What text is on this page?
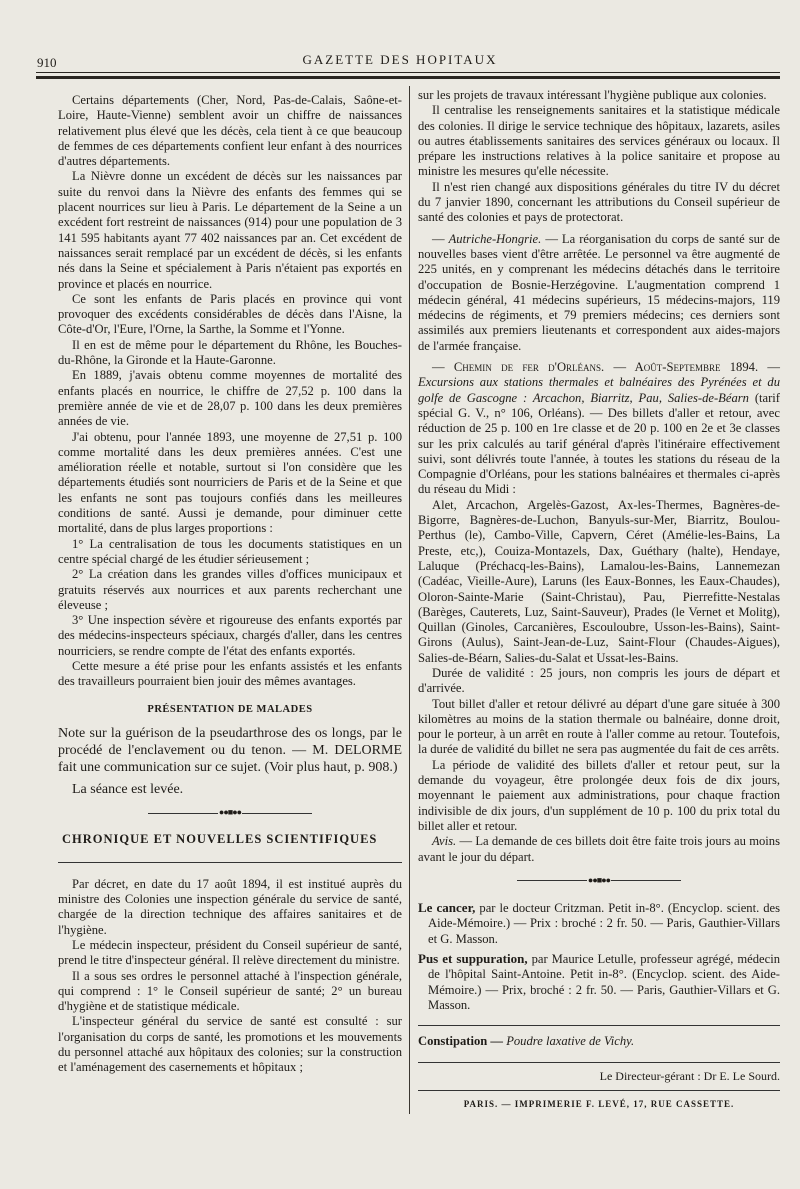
910	GAZETTE DES HOPITAUX

Certains départements (Cher, Nord, Pas-de-Calais, Saône-et-Loire, Haute-Vienne) semblent avoir un chiffre de naissances relativement plus élevé que les décès, cela tient à ce que beaucoup de femmes de ces départements confient leur enfant à des nourrices d'autres départements.

La Nièvre donne un excédent de décès sur les naissances par suite du renvoi dans la Nièvre des enfants des femmes qui se placent nourrices sur lieu à Paris. Le département de la Seine a un excédent fort restreint de naissances (914) pour une population de 3 141 595 habitants ayant 77 402 naissances par an. Cet excédent de naissances serait remplacé par un excédent de décès, si les enfants nés dans la Seine et spécialement à Paris n'étaient pas exportés en province et placés en nourrice.

Ce sont les enfants de Paris placés en province qui vont provoquer des excédents considérables de décès dans l'Aisne, la Côte-d'Or, l'Eure, l'Orne, la Sarthe, la Somme et l'Yonne.

Il en est de même pour le département du Rhône, les Bouches-du-Rhône, la Gironde et la Haute-Garonne.

En 1889, j'avais obtenu comme moyennes de mortalité des enfants placés en nourrice, le chiffre de 27,52 p. 100 dans la première année de vie et de 28,07 p. 100 dans les deux premières années de vie.

J'ai obtenu, pour l'année 1893, une moyenne de 27,51 p. 100 comme mortalité dans les deux premières années. C'est une amélioration réelle et notable, surtout si l'on considère que les départements étudiés sont nourriciers de Paris et de la Seine et que les enfants ne sont pas toujours confiés dans les meilleures conditions de santé. Aussi je demande, pour diminuer cette mortalité, dans de plus larges proportions :

1° La centralisation de tous les documents statistiques en un centre spécial chargé de les étudier sérieusement ;

2° La création dans les grandes villes d'offices municipaux et gratuits réservés aux nourrices et aux parents recherchant une éleveuse ;

3° Une inspection sévère et rigoureuse des enfants exportés par des médecins-inspecteurs spéciaux, chargés d'aller, dans les centres nourriciers, se rendre compte de l'état des enfants exportés.

Cette mesure a été prise pour les enfants assistés et les enfants des travailleurs pourraient bien jouir des mêmes avantages.

PRÉSENTATION DE MALADES

Note sur la guérison de la pseudarthrose des os longs, par le procédé de l'enclavement ou du tenon. — M. DELORME fait une communication sur ce sujet. (Voir plus haut, p. 908.)

La séance est levée.

●●■●●
CHRONIQUE ET NOUVELLES SCIENTIFIQUES

Par décret, en date du 17 août 1894, il est institué auprès du ministre des Colonies une inspection générale du service de santé, chargée de la direction technique des affaires sanitaires et de l'hygiène.

Le médecin inspecteur, président du Conseil supérieur de santé, prend le titre d'inspecteur général. Il relève directement du ministre.

Il a sous ses ordres le personnel attaché à l'inspection générale, qui comprend : 1° le Conseil supérieur de santé; 2° un bureau d'hygiène et de statistique médicale.

L'inspecteur général du service de santé est consulté : sur l'organisation du corps de santé, les promotions et les mouvements du personnel attaché aux hôpitaux des colonies; sur la construction et l'aménagement des casernements et hôpitaux ;

sur les projets de travaux intéressant l'hygiène publique aux colonies.

Il centralise les renseignements sanitaires et la statistique médicale des colonies. Il dirige le service technique des hôpitaux, lazarets, asiles ou autres établissements sanitaires des services généraux ou locaux. Il prépare les instructions relatives à la police sanitaire et propose au ministre les mesures qu'elle nécessite.

Il n'est rien changé aux dispositions générales du titre IV du décret du 7 janvier 1890, concernant les attributions du Conseil supérieur de santé des colonies et pays de protectorat.

— Autriche-Hongrie. — La réorganisation du corps de santé sur de nouvelles bases vient d'être arrêtée. Le personnel va être augmenté de 225 unités, en y comprenant les médecins détachés dans le territoire d'occupation de Bosnie-Herzégovine. L'augmentation comprend 1 médecin général, 41 médecins supérieurs, 15 médecins-majors, 119 médecins de régiments, et 79 premiers médecins; ces derniers sont assimilés aux premiers lieutenants et correspondent aux aides-majors de l'armée française.

— Chemin de fer d'Orléans. — Août-Septembre 1894. — Excursions aux stations thermales et balnéaires des Pyrénées et du golfe de Gascogne : Arcachon, Biarritz, Pau, Salies-de-Béarn (tarif spécial G. V., n° 106, Orléans). — Des billets d'aller et retour, avec réduction de 25 p. 100 en 1re classe et de 20 p. 100 en 2e et 3e classes sur les prix calculés au tarif général d'après l'itinéraire effectivement suivi, sont délivrés toute l'année, à toutes les stations du réseau de la Compagnie d'Orléans, pour les stations balnéaires et thermales ci-après du réseau du Midi :

Alet, Arcachon, Argelès-Gazost, Ax-les-Thermes, Bagnères-de-Bigorre, Bagnères-de-Luchon, Banyuls-sur-Mer, Biarritz, Boulou-Perthus (le), Cambo-Ville, Capvern, Céret (Amélie-les-Bains, La Preste, etc,), Couiza-Montazels, Dax, Guéthary (halte), Hendaye, Laluque (Préchacq-les-Bains), Lamalou-les-Bains, Lannemezan (Cadéac, Vieille-Aure), Laruns (les Eaux-Bonnes, les Eaux-Chaudes), Oloron-Sainte-Marie (Saint-Christau), Pau, Pierrefitte-Nestalas (Barèges, Cauterets, Luz, Saint-Sauveur), Prades (le Vernet et Molitg), Quillan (Ginoles, Carcanières, Escouloubre, Usson-les-Bains), Saint-Girons (Aulus), Saint-Jean-de-Luz, Saint-Flour (Chaudes-Aigues), Salies-de-Béarn, Salies-du-Salat et Ussat-les-Bains.

Durée de validité : 25 jours, non compris les jours de départ et d'arrivée.

Tout billet d'aller et retour délivré au départ d'une gare située à 300 kilomètres au moins de la station thermale ou balnéaire, donne droit, pour le porteur, à un arrêt en route à l'aller comme au retour. Toutefois, la durée de validité du billet ne sera pas augmentée du fait de ces arrêts.

La période de validité des billets d'aller et retour peut, sur la demande du voyageur, être prolongée deux fois de dix jours, moyennant le paiement aux administrations, pour chaque fraction indivisible de dix jours, d'un supplément de 10 p. 100 du prix total du billet aller et retour.

Avis. — La demande de ces billets doit être faite trois jours au moins avant le jour du départ.

●●■●●

Le cancer, par le docteur Critzman. Petit in-8°. (Encyclop. scient. des Aide-Mémoire.) — Prix : broché : 2 fr. 50. — Paris, Gauthier-Villars et G. Masson.

Pus et suppuration, par Maurice Letulle, professeur agrégé, médecin de l'hôpital Saint-Antoine. Petit in-8°. (Encyclop. scient. des Aide-Mémoire.) — Prix, broché : 2 fr. 50. — Paris, Gauthier-Villars et G. Masson.

Constipation — Poudre laxative de Vichy.

Le Directeur-gérant : Dr E. Le Sourd.
PARIS. — IMPRIMERIE F. LEVÉ, 17, RUE CASSETTE.
